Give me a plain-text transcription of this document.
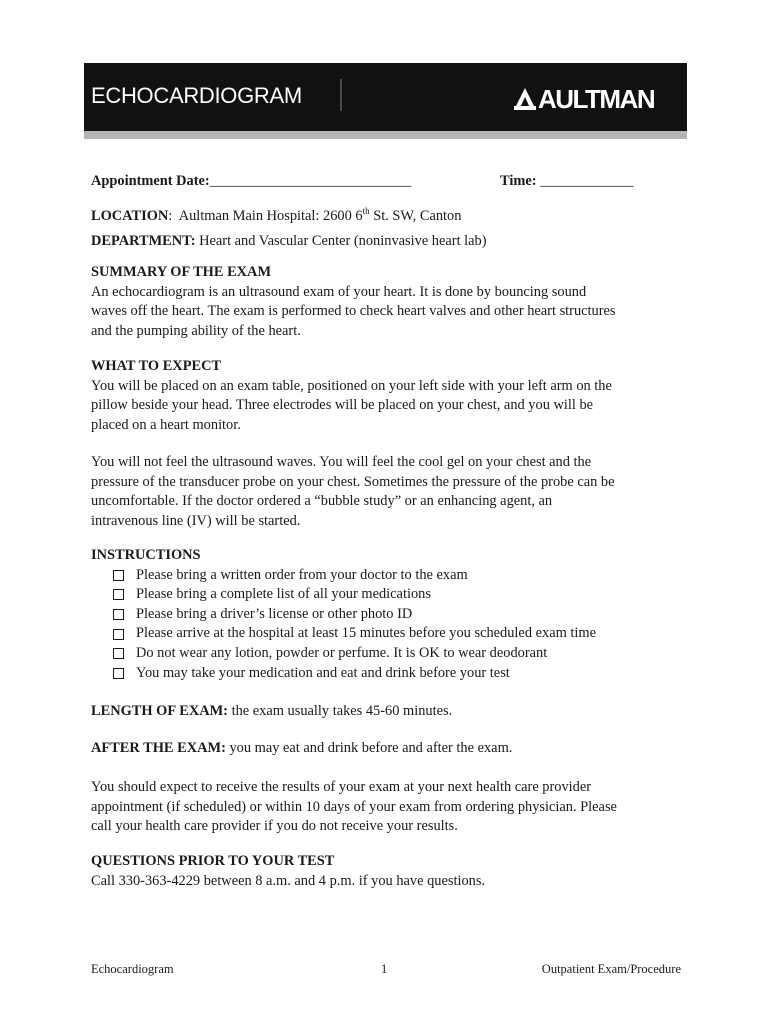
ECHOCARDIOGRAM	AULTMAN
Appointment Date:____________________________	Time: _____________
LOCATION: Aultman Main Hospital: 2600 6th St. SW, Canton
DEPARTMENT: Heart and Vascular Center (noninvasive heart lab)
SUMMARY OF THE EXAM
An echocardiogram is an ultrasound exam of your heart. It is done by bouncing sound
waves off the heart. The exam is performed to check heart valves and other heart structures
and the pumping ability of the heart.
WHAT TO EXPECT
You will be placed on an exam table, positioned on your left side with your left arm on the
pillow beside your head. Three electrodes will be placed on your chest, and you will be
placed on a heart monitor.
You will not feel the ultrasound waves. You will feel the cool gel on your chest and the
pressure of the transducer probe on your chest. Sometimes the pressure of the probe can be
uncomfortable. If the doctor ordered a “bubble study” or an enhancing agent, an
intravenous line (IV) will be started.
INSTRUCTIONS
Please bring a written order from your doctor to the exam
Please bring a complete list of all your medications
Please bring a driver’s license or other photo ID
Please arrive at the hospital at least 15 minutes before you scheduled exam time
Do not wear any lotion, powder or perfume. It is OK to wear deodorant
You may take your medication and eat and drink before your test
LENGTH OF EXAM: the exam usually takes 45-60 minutes.
AFTER THE EXAM: you may eat and drink before and after the exam.
You should expect to receive the results of your exam at your next health care provider
appointment (if scheduled) or within 10 days of your exam from ordering physician. Please
call your health care provider if you do not receive your results.
QUESTIONS PRIOR TO YOUR TEST
Call 330-363-4229 between 8 a.m. and 4 p.m. if you have questions.
Echocardiogram	1	Outpatient Exam/Procedure
